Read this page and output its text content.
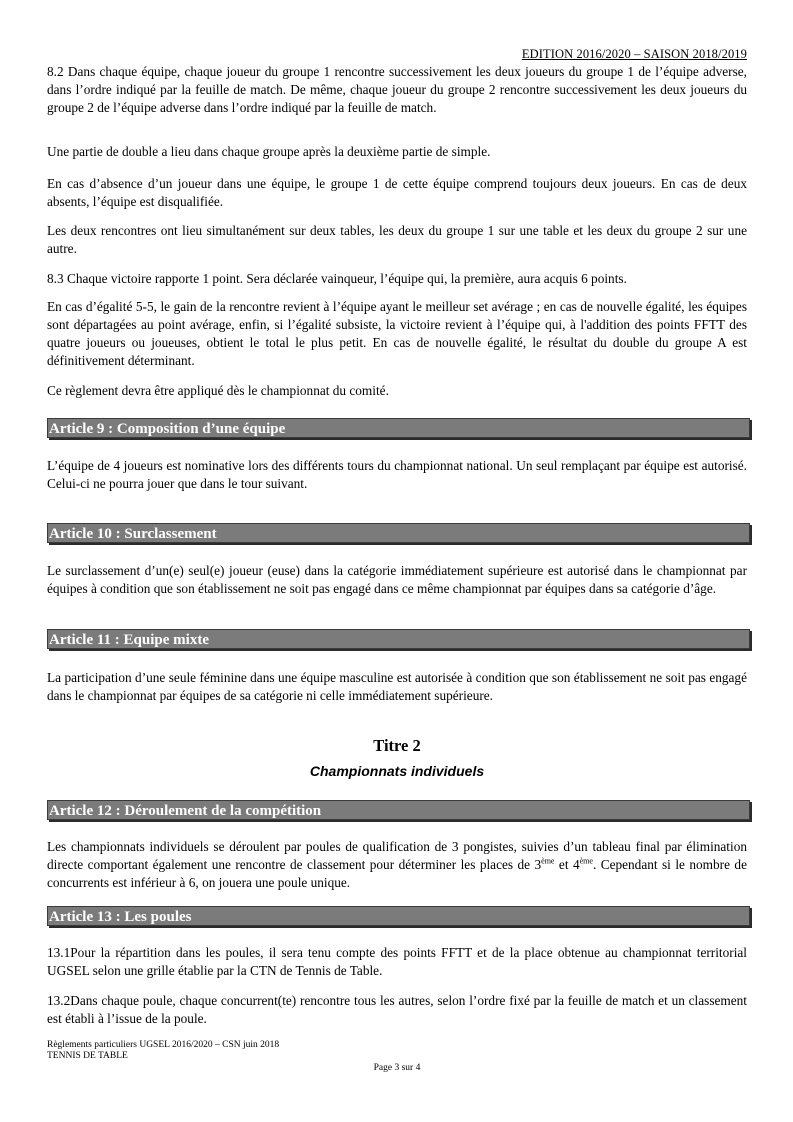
EDITION 2016/2020 – SAISON 2018/2019

8.2 Dans chaque équipe, chaque joueur du groupe 1 rencontre successivement les deux joueurs du groupe 1 de l’équipe adverse, dans l’ordre indiqué par la feuille de match. De même, chaque joueur du groupe 2 rencontre successivement les deux joueurs du groupe 2 de l’équipe adverse dans l’ordre indiqué par la feuille de match.

Une partie de double a lieu dans chaque groupe après la deuxième partie de simple.

En cas d’absence d’un joueur dans une équipe, le groupe 1 de cette équipe comprend toujours deux joueurs. En cas de deux absents, l’équipe est disqualifiée.

Les deux rencontres ont lieu simultanément sur deux tables, les deux du groupe 1 sur une table et les deux du groupe 2 sur une autre.

8.3 Chaque victoire rapporte 1 point. Sera déclarée vainqueur, l’équipe qui, la première, aura acquis 6 points.

En cas d’égalité 5-5, le gain de la rencontre revient à l’équipe ayant le meilleur set avérage ; en cas de nouvelle égalité, les équipes sont départagées au point avérage, enfin, si l’égalité subsiste, la victoire revient à l’équipe qui, à l'addition des points FFTT des quatre joueurs ou joueuses, obtient le total le plus petit. En cas de nouvelle égalité, le résultat du double du groupe A est définitivement déterminant.

Ce règlement devra être appliqué dès le championnat du comité.

Article 9 : Composition d’une équipe

L’équipe de 4 joueurs est nominative lors des différents tours du championnat national. Un seul remplaçant par équipe est autorisé. Celui-ci ne pourra jouer que dans le tour suivant.

Article 10 : Surclassement

Le surclassement d’un(e) seul(e) joueur (euse) dans la catégorie immédiatement supérieure est autorisé dans le championnat par équipes à condition que son établissement ne soit pas engagé dans ce même championnat par équipes dans sa catégorie d’âge.

Article 11 : Equipe mixte

La participation d’une seule féminine dans une équipe masculine est autorisée à condition que son établissement ne soit pas engagé dans le championnat par équipes de sa catégorie ni celle immédiatement supérieure.

Titre 2
Championnats individuels
Article 12 : Déroulement de la compétition

Les championnats individuels se déroulent par poules de qualification de 3 pongistes, suivies d’un tableau final par élimination directe comportant également une rencontre de classement pour déterminer les places de 3ème et 4ème. Cependant si le nombre de concurrents est inférieur à 6, on jouera une poule unique.

Article 13 : Les poules

13.1Pour la répartition dans les poules, il sera tenu compte des points FFTT et de la place obtenue au championnat territorial UGSEL selon une grille établie par la CTN de Tennis de Table.

13.2Dans chaque poule, chaque concurrent(te) rencontre tous les autres, selon l’ordre fixé par la feuille de match et un classement est établi à l’issue de la poule.

Règlements particuliers UGSEL 2016/2020 – CSN juin 2018
TENNIS DE TABLE
Page 3 sur 4
